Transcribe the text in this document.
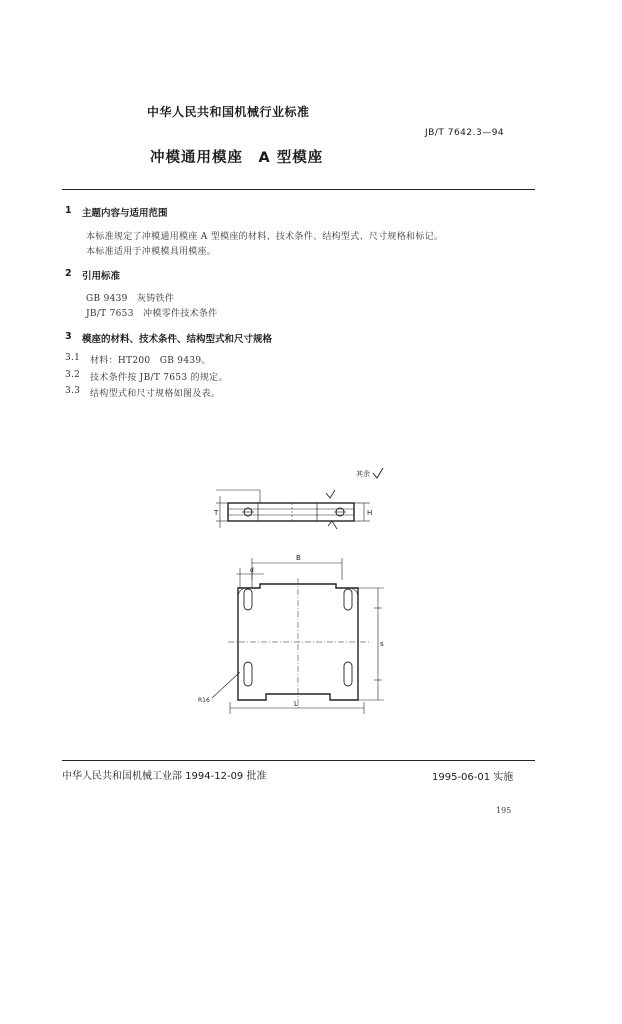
中华人民共和国机械行业标准
JB/T 7642.3—94
冲模通用模座　A 型模座
1 主题内容与适用范围
本标准规定了冲模通用模座 A 型模座的材料、技术条件、结构型式、尺寸规格和标记。
本标准适用于冲模模具用模座。
2 引用标准
GB 9439　灰铸铁件
JB/T 7653　冲模零件技术条件
3 模座的材料、技术条件、结构型式和尺寸规格
3.1 材料：HT200　GB 9439。
3.2 技术条件按 JB/T 7653 的规定。
3.3 结构型式和尺寸规格如图及表。
其余
T	H
B
d
s
L
R16
中华人民共和国机械工业部 1994-12-09 批准	1995-06-01 实施
195
